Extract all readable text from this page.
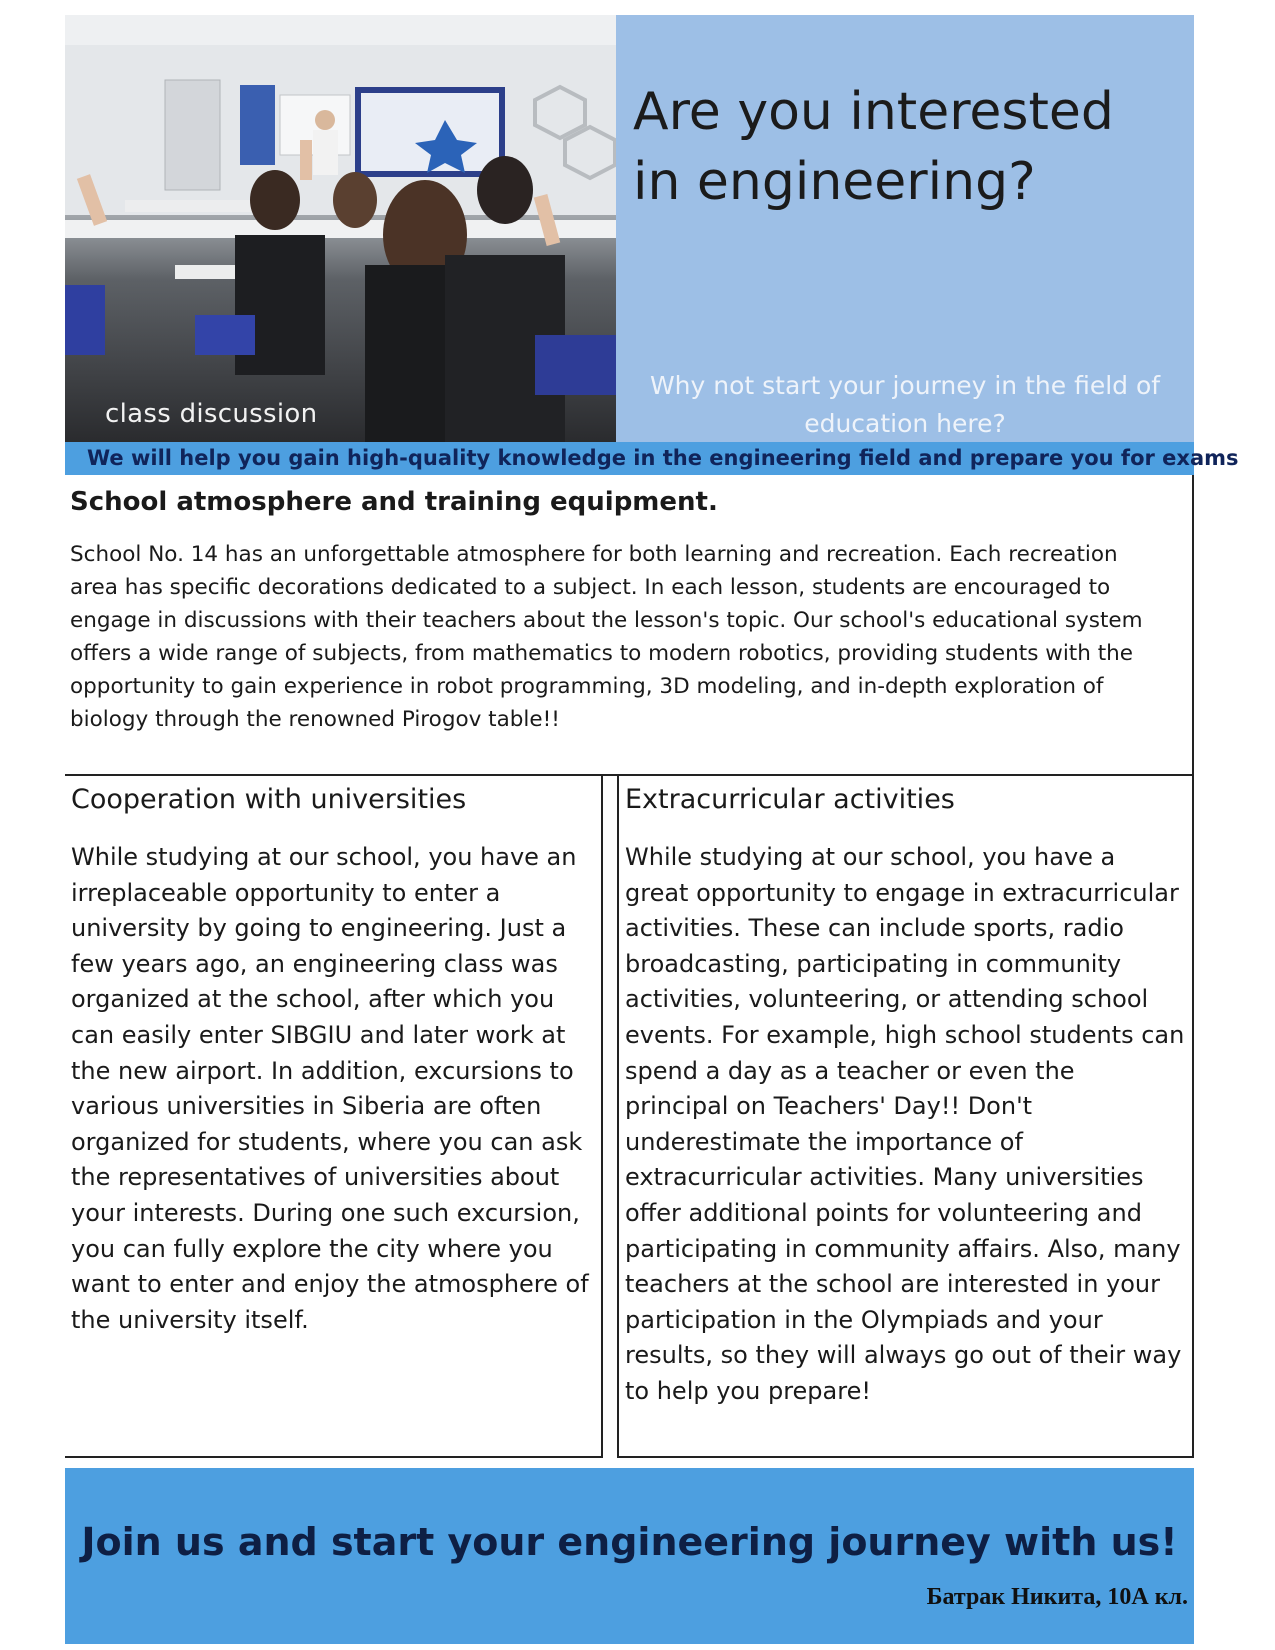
class discussion
Are you interested in engineering?
Why not start your journey in the field of education here?
We will help you gain high-quality knowledge in the engineering field and prepare you for exams
School atmosphere and training equipment.
School No. 14 has an unforgettable atmosphere for both learning and recreation. Each recreation area has specific decorations dedicated to a subject. In each lesson, students are encouraged to engage in discussions with their teachers about the lesson's topic. Our school's educational system offers a wide range of subjects, from mathematics to modern robotics, providing students with the opportunity to gain experience in robot programming, 3D modeling, and in-depth exploration of biology through the renowned Pirogov table!!
Cooperation with universities
While studying at our school, you have an irreplaceable opportunity to enter a university by going to engineering. Just a few years ago, an engineering class was organized at the school, after which you can easily enter SIBGIU and later work at the new airport. In addition, excursions to various universities in Siberia are often organized for students, where you can ask the representatives of universities about your interests. During one such excursion, you can fully explore the city where you want to enter and enjoy the atmosphere of the university itself.
Extracurricular activities
While studying at our school, you have a great opportunity to engage in extracurricular activities. These can include sports, radio broadcasting, participating in community activities, volunteering, or attending school events. For example, high school students can spend a day as a teacher or even the principal on Teachers' Day!! Don't underestimate the importance of extracurricular activities. Many universities offer additional points for volunteering and participating in community affairs. Also, many teachers at the school are interested in your participation in the Olympiads and your results, so they will always go out of their way to help you prepare!
Join us and start your engineering journey with us!
Батрак Никита, 10А кл.
